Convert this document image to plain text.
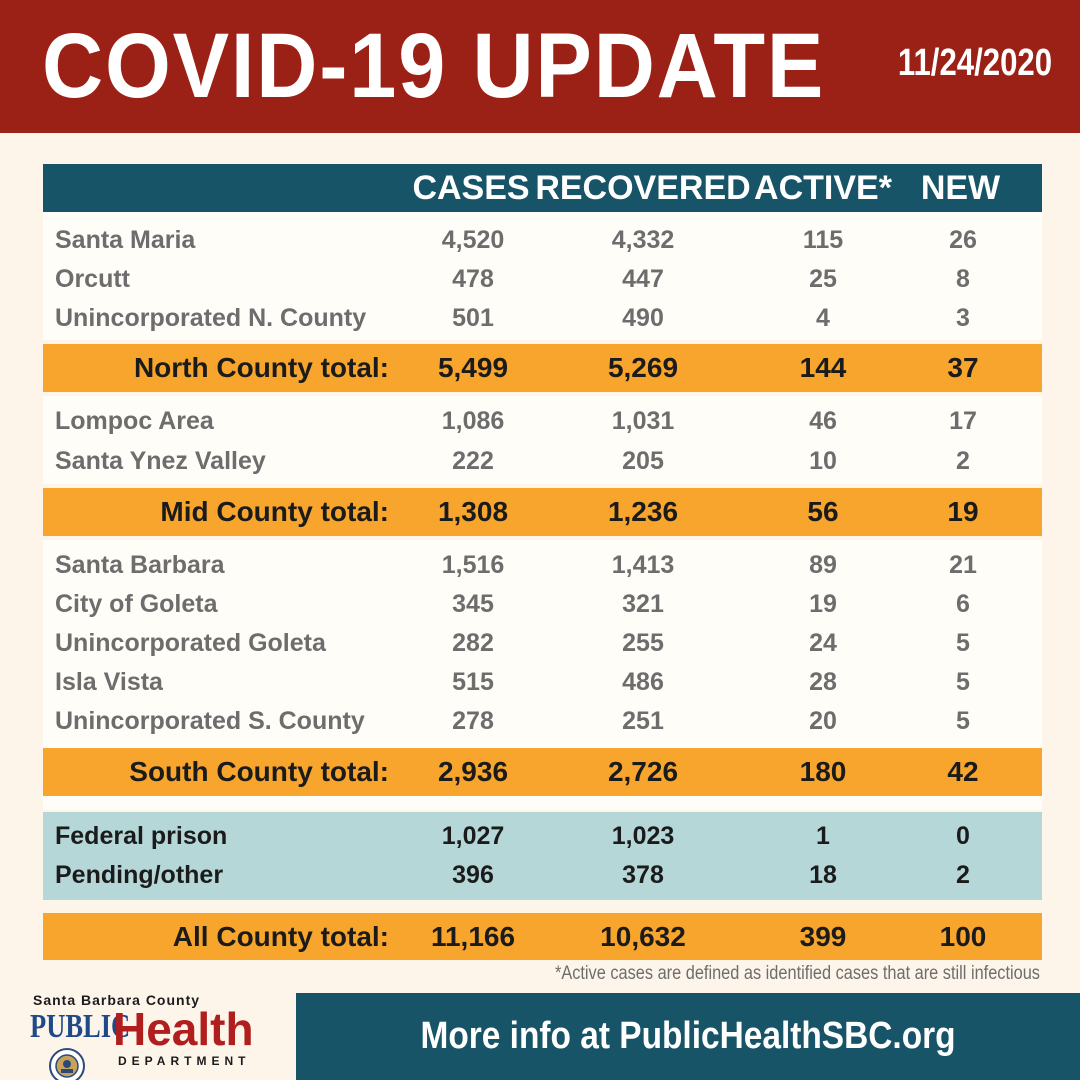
COVID-19 UPDATE 11/24/2020
CASES RECOVERED ACTIVE* NEW
Santa Maria	4,520	4,332	115	26
Orcutt	478	447	25	8
Unincorporated N. County	501	490	4	3
North County total:	5,499	5,269	144	37
Lompoc Area	1,086	1,031	46	17
Santa Ynez Valley	222	205	10	2
Mid County total:	1,308	1,236	56	19
Santa Barbara	1,516	1,413	89	21
City of Goleta	345	321	19	6
Unincorporated Goleta	282	255	24	5
Isla Vista	515	486	28	5
Unincorporated S. County	278	251	20	5
South County total:	2,936	2,726	180	42
Federal prison	1,027	1,023	1	0
Pending/other	396	378	18	2
All County total: 11,166	10,632	399	100
*Active cases are defined as identified cases that are still infectious
Santa Barbara County
PUBLIC
Health
DEPARTMENT
More info at PublicHealthSBC.org
